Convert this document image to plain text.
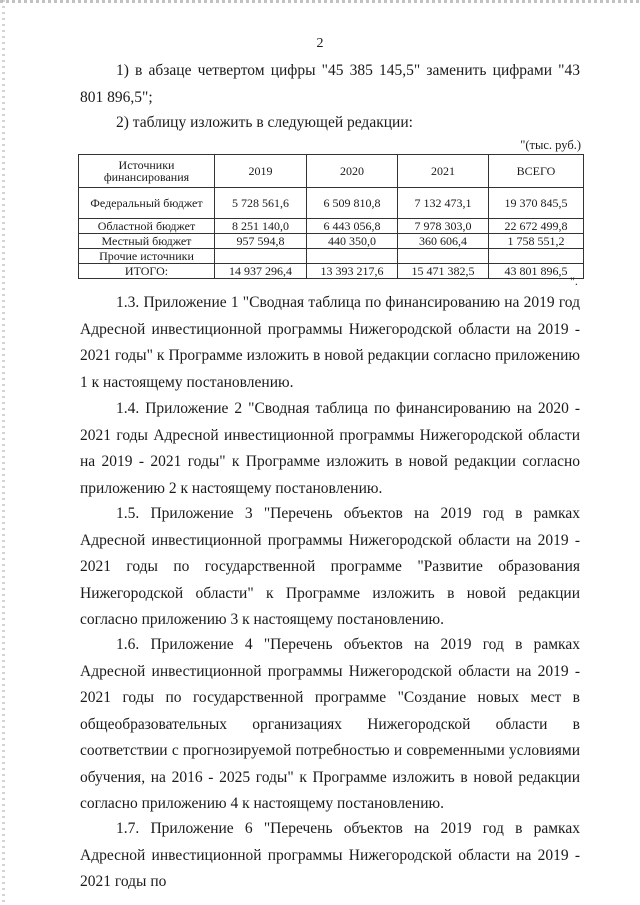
2

1) в абзаце четвертом цифры "45 385 145,5" заменить цифрами "43 801 896,5";

2) таблицу изложить в следующей редакции:

"(тыс. руб.)
Источники финансирования	2019	2020	2021	ВСЕГО
Федеральный бюджет	5 728 561,6	6 509 810,8	7 132 473,1	19 370 845,5
Областной бюджет	8 251 140,0	6 443 056,8	7 978 303,0	22 672 499,8
Местный бюджет	957 594,8	440 350,0	360 606,4	1 758 551,2
Прочие источники				
ИТОГО:	14 937 296,4	13 393 217,6	15 471 382,5	43 801 896,5
".

1.3. Приложение 1 "Сводная таблица по финансированию на 2019 год Адресной инвестиционной программы Нижегородской области на 2019 - 2021 годы" к Программе изложить в новой редакции согласно приложению 1 к настоящему постановлению.

1.4. Приложение 2 "Сводная таблица по финансированию на 2020 - 2021 годы Адресной инвестиционной программы Нижегородской области на 2019 - 2021 годы" к Программе изложить в новой редакции согласно приложению 2 к настоящему постановлению.

1.5. Приложение 3 "Перечень объектов на 2019 год в рамках Адресной инвестиционной программы Нижегородской области на 2019 - 2021 годы по государственной программе "Развитие образования Нижегородской области" к Программе изложить в новой редакции согласно приложению 3 к настоящему постановлению.

1.6. Приложение 4 "Перечень объектов на 2019 год в рамках Адресной инвестиционной программы Нижегородской области на 2019 - 2021 годы по государственной программе "Создание новых мест в общеобразовательных организациях Нижегородской области в соответствии с прогнозируемой потребностью и современными условиями обучения, на 2016 - 2025 годы" к Программе изложить в новой редакции согласно приложению 4 к настоящему постановлению.

1.7. Приложение 6 "Перечень объектов на 2019 год в рамках Адресной инвестиционной программы Нижегородской области на 2019 - 2021 годы по
